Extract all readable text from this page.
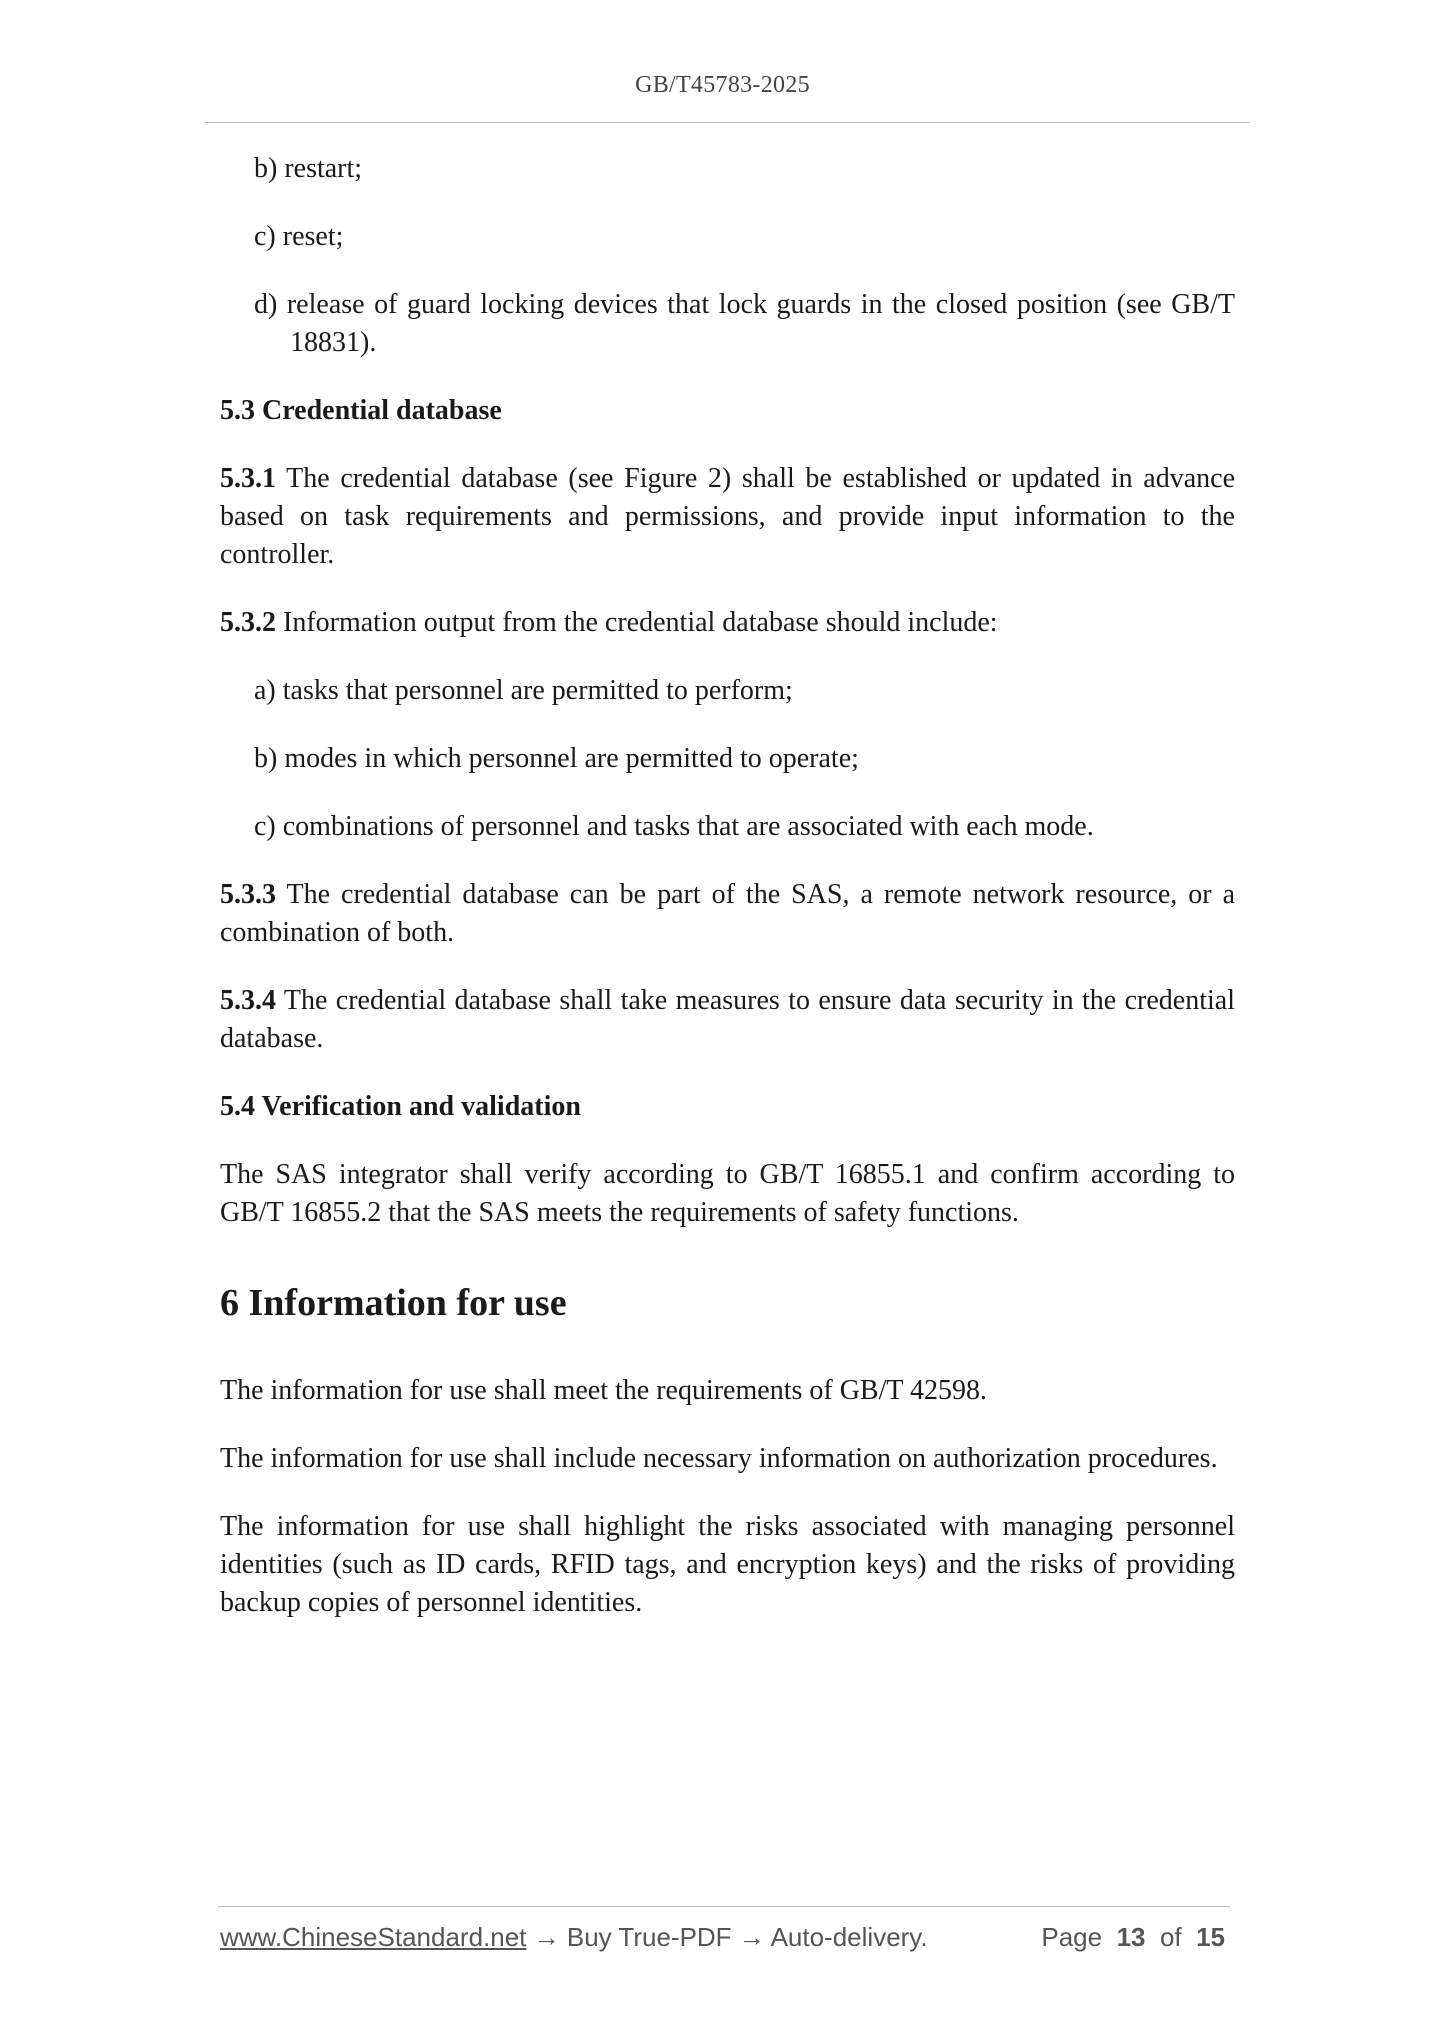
GB/T45783-2025

b) restart;

c) reset;

d) release of guard locking devices that lock guards in the closed position (see GB/T 18831).

5.3 Credential database

5.3.1 The credential database (see Figure 2) shall be established or updated in advance based on task requirements and permissions, and provide input information to the controller.

5.3.2 Information output from the credential database should include:

a) tasks that personnel are permitted to perform;

b) modes in which personnel are permitted to operate;

c) combinations of personnel and tasks that are associated with each mode.

5.3.3 The credential database can be part of the SAS, a remote network resource, or a combination of both.

5.3.4 The credential database shall take measures to ensure data security in the credential database.

5.4 Verification and validation

The SAS integrator shall verify according to GB/T 16855.1 and confirm according to GB/T 16855.2 that the SAS meets the requirements of safety functions.

6 Information for use

The information for use shall meet the requirements of GB/T 42598.

The information for use shall include necessary information on authorization procedures.

The information for use shall highlight the risks associated with managing personnel identities (such as ID cards, RFID tags, and encryption keys) and the risks of providing backup copies of personnel identities.

www.ChineseStandard.net → Buy True-PDF → Auto-delivery.	Page 13 of 15
